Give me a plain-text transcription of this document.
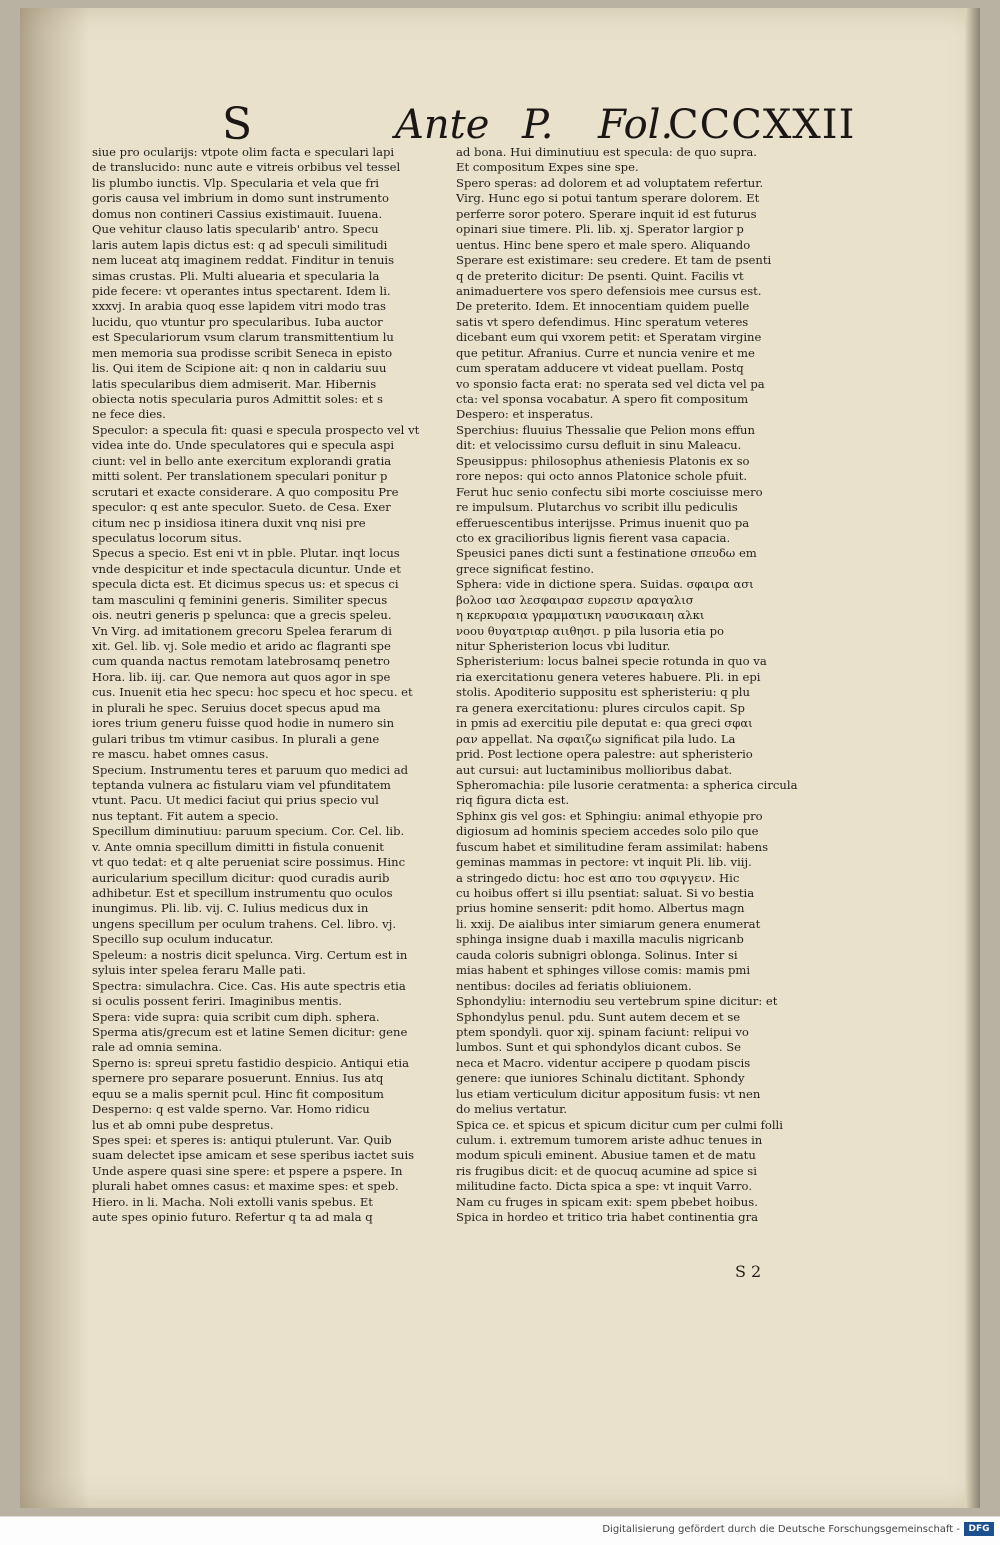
S	Ante P. Fol.
CCCXXII
siue pro ocularijs: vtpote olim facta e speculari lapi
de translucido: nunc aute e vitreis orbibus vel tessel
lis plumbo iunctis. Vlp. Specularia et vela que fri
goris causa vel imbrium in domo sunt instrumento
domus non contineri Cassius existimauit. Iuuena.
Que vehitur clauso latis specularib' antro. Specu
laris autem lapis dictus est: q ad speculi similitudi
nem luceat atq imaginem reddat. Finditur in tenuis
simas crustas. Pli. Multi aluearia et specularia la
pide fecere: vt operantes intus spectarent. Idem li.
xxxvj. In arabia quoq esse lapidem vitri modo tras
lucidu, quo vtuntur pro specularibus. Iuba auctor
est Speculariorum vsum clarum transmittentium lu
men memoria sua prodisse scribit Seneca in episto
lis. Qui item de Scipione ait: q non in caldariu suu
latis specularibus diem admiserit. Mar. Hibernis
obiecta notis specularia puros Admittit soles: et s
ne fece dies.
Speculor: a specula fit: quasi e specula prospecto vel vt
videa inte do. Unde speculatores qui e specula aspi
ciunt: vel in bello ante exercitum explorandi gratia
mitti solent. Per translationem speculari ponitur p
scrutari et exacte considerare. A quo compositu Pre
speculor: q est ante speculor. Sueto. de Cesa. Exer
citum nec p insidiosa itinera duxit vnq nisi pre
speculatus locorum situs.
Specus a specio. Est eni vt in pble. Plutar. inqt locus
vnde despicitur et inde spectacula dicuntur. Unde et
specula dicta est. Et dicimus specus us: et specus ci
tam masculini q feminini generis. Similiter specus
ois. neutri generis p spelunca: que a grecis speleu.
Vn Virg. ad imitationem grecoru Spelea ferarum di
xit. Gel. lib. vj. Sole medio et arido ac flagranti spe
cum quanda nactus remotam latebrosamq penetro
Hora. lib. iij. car. Que nemora aut quos agor in spe
cus. Inuenit etia hec specu: hoc specu et hoc specu. et
in plurali he spec. Seruius docet specus apud ma
iores trium generu fuisse quod hodie in numero sin
gulari tribus tm vtimur casibus. In plurali a gene
re mascu. habet omnes casus.
Specium. Instrumentu teres et paruum quo medici ad
teptanda vulnera ac fistularu viam vel pfunditatem
vtunt. Pacu. Ut medici faciut qui prius specio vul
nus teptant. Fit autem a specio.
Specillum diminutiuu: paruum specium. Cor. Cel. lib.
v. Ante omnia specillum dimitti in fistula conuenit
vt quo tedat: et q alte perueniat scire possimus. Hinc
auricularium specillum dicitur: quod curadis aurib
adhibetur. Est et specillum instrumentu quo oculos
inungimus. Pli. lib. vij. C. Iulius medicus dux in
ungens specillum per oculum trahens. Cel. libro. vj.
Specillo sup oculum inducatur.
Speleum: a nostris dicit spelunca. Virg. Certum est in
syluis inter spelea feraru Malle pati.
Spectra: simulachra. Cice. Cas. His aute spectris etia
si oculis possent feriri. Imaginibus mentis.
Spera: vide supra: quia scribit cum diph. sphera.
Sperma atis/grecum est et latine Semen dicitur: gene
rale ad omnia semina.
Sperno is: spreui spretu fastidio despicio. Antiqui etia
spernere pro separare posuerunt. Ennius. Ius atq
equu se a malis spernit pcul. Hinc fit compositum
Desperno: q est valde sperno. Var. Homo ridicu
lus et ab omni pube despretus.
Spes spei: et speres is: antiqui ptulerunt. Var. Quib
suam delectet ipse amicam et sese speribus iactet suis
Unde aspere quasi sine spere: et pspere a pspere. In
plurali habet omnes casus: et maxime spes: et speb.
Hiero. in li. Macha. Noli extolli vanis spebus. Et
aute spes opinio futuro. Refertur q ta ad mala q
ad bona. Hui diminutiuu est specula: de quo supra.
Et compositum Expes sine spe.
Spero speras: ad dolorem et ad voluptatem refertur.
Virg. Hunc ego si potui tantum sperare dolorem. Et
perferre soror potero. Sperare inquit id est futurus
opinari siue timere. Pli. lib. xj. Sperator largior p
uentus. Hinc bene spero et male spero. Aliquando
Sperare est existimare: seu credere. Et tam de psenti
q de preterito dicitur: De psenti. Quint. Facilis vt
animaduertere vos spero defensiois mee cursus est.
De preterito. Idem. Et innocentiam quidem puelle
satis vt spero defendimus. Hinc speratum veteres
dicebant eum qui vxorem petit: et Speratam virgine
que petitur. Afranius. Curre et nuncia venire et me
cum speratam adducere vt videat puellam. Postq
vo sponsio facta erat: no sperata sed vel dicta vel pa
cta: vel sponsa vocabatur. A spero fit compositum
Despero: et insperatus.
Sperchius: fluuius Thessalie que Pelion mons effun
dit: et velocissimo cursu defluit in sinu Maleacu.
Speusippus: philosophus atheniesis Platonis ex so
rore nepos: qui octo annos Platonice schole pfuit.
Ferut huc senio confectu sibi morte cosciuisse mero
re impulsum. Plutarchus vo scribit illu pediculis
efferuescentibus interijsse. Primus inuenit quo pa
cto ex gracilioribus lignis fierent vasa capacia.
Speusici panes dicti sunt a festinatione σπευδω em
grece significat festino.
Sphera: vide in dictione spera. Suidas. σφαιρα ασι
βολοσ ιασ λεσφαιρασ ευρεσιν αραγαλισ
η κερκυραια γραμματικη ναυσικααιη αλκι
νοου θυγατριαρ αιιθησι. p pila lusoria etia po
nitur Spheristerion locus vbi luditur.
Spheristerium: locus balnei specie rotunda in quo va
ria exercitationu genera veteres habuere. Pli. in epi
stolis. Apoditerio suppositu est spheristeriu: q plu
ra genera exercitationu: plures circulos capit. Sp
in pmis ad exercitiu pile deputat e: qua greci σφαι
ραν appellat. Na σφαιζω significat pila ludo. La
prid. Post lectione opera palestre: aut spheristerio
aut cursui: aut luctaminibus mollioribus dabat.
Spheromachia: pile lusorie ceratmenta: a spherica circula
riq figura dicta est.
Sphinx gis vel gos: et Sphingiu: animal ethyopie pro
digiosum ad hominis speciem accedes solo pilo que
fuscum habet et similitudine feram assimilat: habens
geminas mammas in pectore: vt inquit Pli. lib. viij.
a stringedo dictu: hoc est απο του σφιγγειν. Hic
cu hoibus offert si illu psentiat: saluat. Si vo bestia
prius homine senserit: pdit homo. Albertus magn
li. xxij. De aialibus inter simiarum genera enumerat
sphinga insigne duab i maxilla maculis nigricanb
cauda coloris subnigri oblonga. Solinus. Inter si
mias habent et sphinges villose comis: mamis pmi
nentibus: dociles ad feriatis obliuionem.
Sphondyliu: internodiu seu vertebrum spine dicitur: et
Sphondylus penul. pdu. Sunt autem decem et se
ptem spondyli. quor xij. spinam faciunt: relipui vo
lumbos. Sunt et qui sphondylos dicant cubos. Se
neca et Macro. videntur accipere p quodam piscis
genere: que iuniores Schinalu dictitant. Sphondy
lus etiam verticulum dicitur appositum fusis: vt nen
do melius vertatur.
Spica ce. et spicus et spicum dicitur cum per culmi folli
culum. i. extremum tumorem ariste adhuc tenues in
modum spiculi eminent. Abusiue tamen et de matu
ris frugibus dicit: et de quocuq acumine ad spice si
militudine facto. Dicta spica a spe: vt inquit Varro.
Nam cu fruges in spicam exit: spem pbebet hoibus.
Spica in hordeo et tritico tria habet continentia gra
S 2
Digitalisierung gefördert durch die Deutsche Forschungsgemeinschaft - DFG
